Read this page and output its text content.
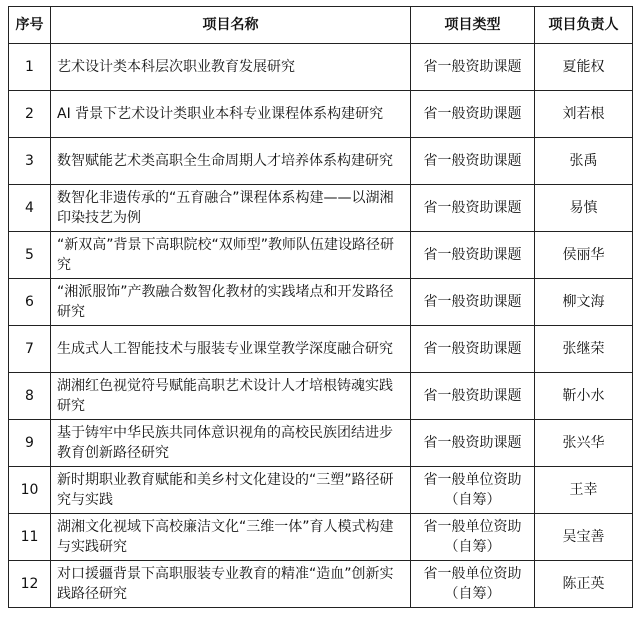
序号	项目名称	项目类型	项目负责人
1	艺术设计类本科层次职业教育发展研究	省一般资助课题	夏能权
2	AI 背景下艺术设计类职业本科专业课程体系构建研究	省一般资助课题	刘若根
3	数智赋能艺术类高职全生命周期人才培养体系构建研究	省一般资助课题	张禹
4	数智化非遗传承的“五育融合”课程体系构建——以湖湘印染技艺为例	省一般资助课题	易慎
5	“新双高”背景下高职院校“双师型”教师队伍建设路径研究	省一般资助课题	侯丽华
6	“湘派服饰”产教融合数智化教材的实践堵点和开发路径研究	省一般资助课题	柳文海
7	生成式人工智能技术与服装专业课堂教学深度融合研究	省一般资助课题	张继荣
8	湖湘红色视觉符号赋能高职艺术设计人才培根铸魂实践研究	省一般资助课题	靳小水
9	基于铸牢中华民族共同体意识视角的高校民族团结进步教育创新路径研究	省一般资助课题	张兴华
10	新时期职业教育赋能和美乡村文化建设的“三塑”路径研究与实践	省一般单位资助（自筹）	王幸
11	湖湘文化视域下高校廉洁文化“三维一体”育人模式构建与实践研究	省一般单位资助（自筹）	吴宝善
12	对口援疆背景下高职服装专业教育的精准“造血”创新实践路径研究	省一般单位资助（自筹）	陈正英
